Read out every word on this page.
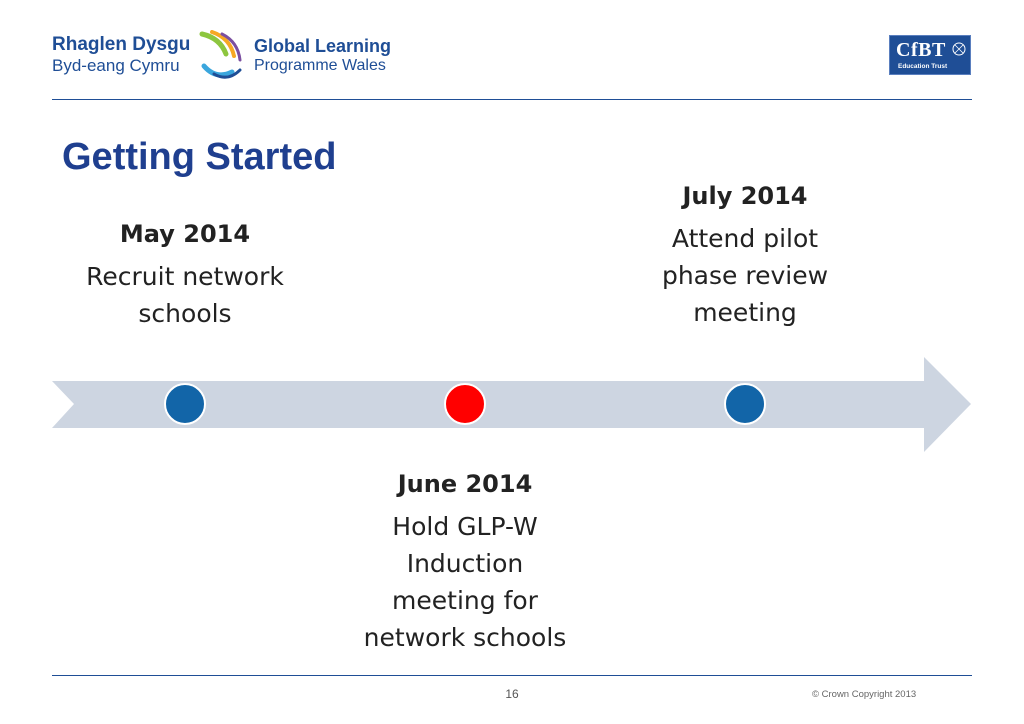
Rhaglen Dysgu
Byd-eang Cymru
Global Learning
Programme Wales
CfBT
Education Trust
Getting Started
May 2014
Recruit network
schools
June 2014
Hold GLP-W
Induction
meeting for
network schools
July 2014
Attend pilot
phase review
meeting
16	© Crown Copyright 2013
